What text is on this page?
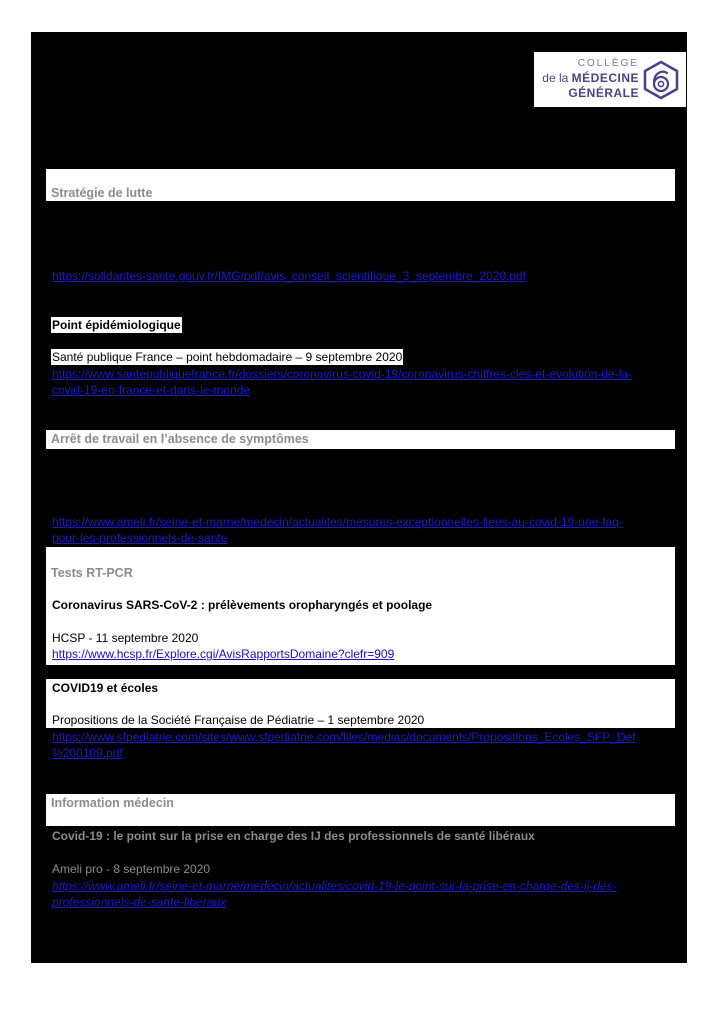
COLLÈGE
de la MÉDECINE
GÉNÉRALE
Stratégie de lutte
https://solidarites-sante.gouv.fr/IMG/pdf/avis_conseil_scientifique_3_septembre_2020.pdf
Point épidémiologique
Santé publique France – point hebdomadaire – 9 septembre 2020
https://www.santepubliquefrance.fr/dossiers/coronavirus-covid-19/coronavirus-chiffres-cles-et-evolution-de-la-
covid-19-en-france-et-dans-le-monde
Arrêt de travail en l’absence de symptômes
https://www.ameli.fr/seine-et-marne/medecin/actualites/mesures-exceptionnelles-liees-au-covid-19-une-faq-
pour-les-professionnels-de-sante
Tests RT-PCR
Coronavirus SARS-CoV-2 : prélèvements oropharyngés et poolage
HCSP - 11 septembre 2020
https://www.hcsp.fr/Explore.cgi/AvisRapportsDomaine?clefr=909
COVID19 et écoles
Propositions de la Société Française de Pédiatrie – 1 septembre 2020
https://www.sfpediatrie.com/sites/www.sfpediatrie.com/files/medias/documents/Propositions_Ecoles_SFP_Def
%200109.pdf
Information médecin
Covid-19 : le point sur la prise en charge des IJ des professionnels de santé libéraux
Ameli pro - 8 septembre 2020
https://www.ameli.fr/seine-et-marne/medecin/actualites/covid-19-le-point-sur-la-prise-en-charge-des-ij-des-
professionnels-de-sante-liberaux
